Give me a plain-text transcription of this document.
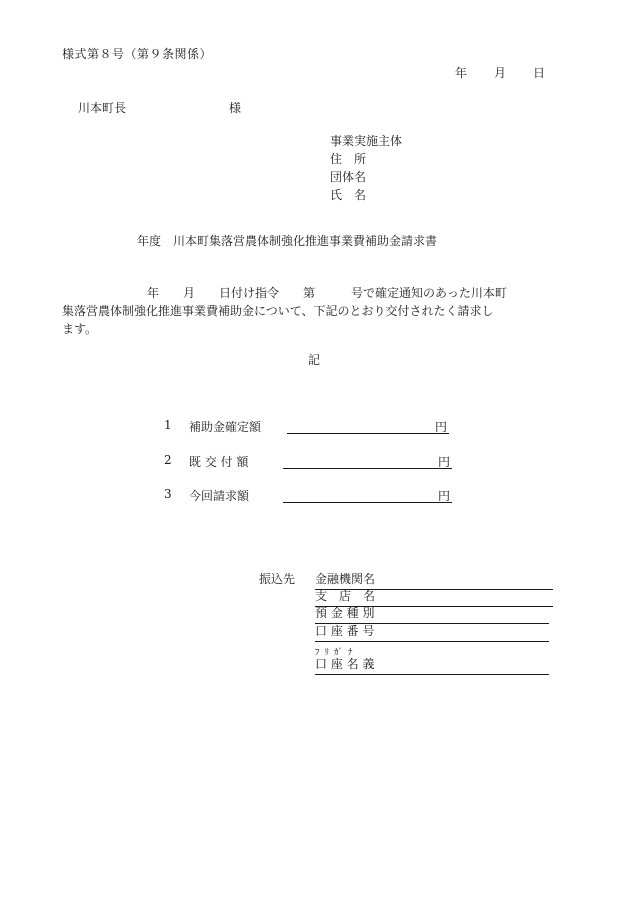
様式第８号（第９条関係）
年 月 日
川本町長	様
事業実施主体
住　所
団体名
氏　名
年度　川本町集落営農体制強化推進事業費補助金請求書
年　　月　　日付け指令　　第　　　号で確定通知のあった川本町
集落営農体制強化推進事業費補助金について、下記のとおり交付されたく請求し
ます。
記
1 補助金確定額	円
2 既 交 付 額	円
3 今回請求額	円
振込先 金融機関名
支　店　名
預 金 種 別
口 座 番 号
ﾌﾘｶﾞﾅ
口 座 名 義
